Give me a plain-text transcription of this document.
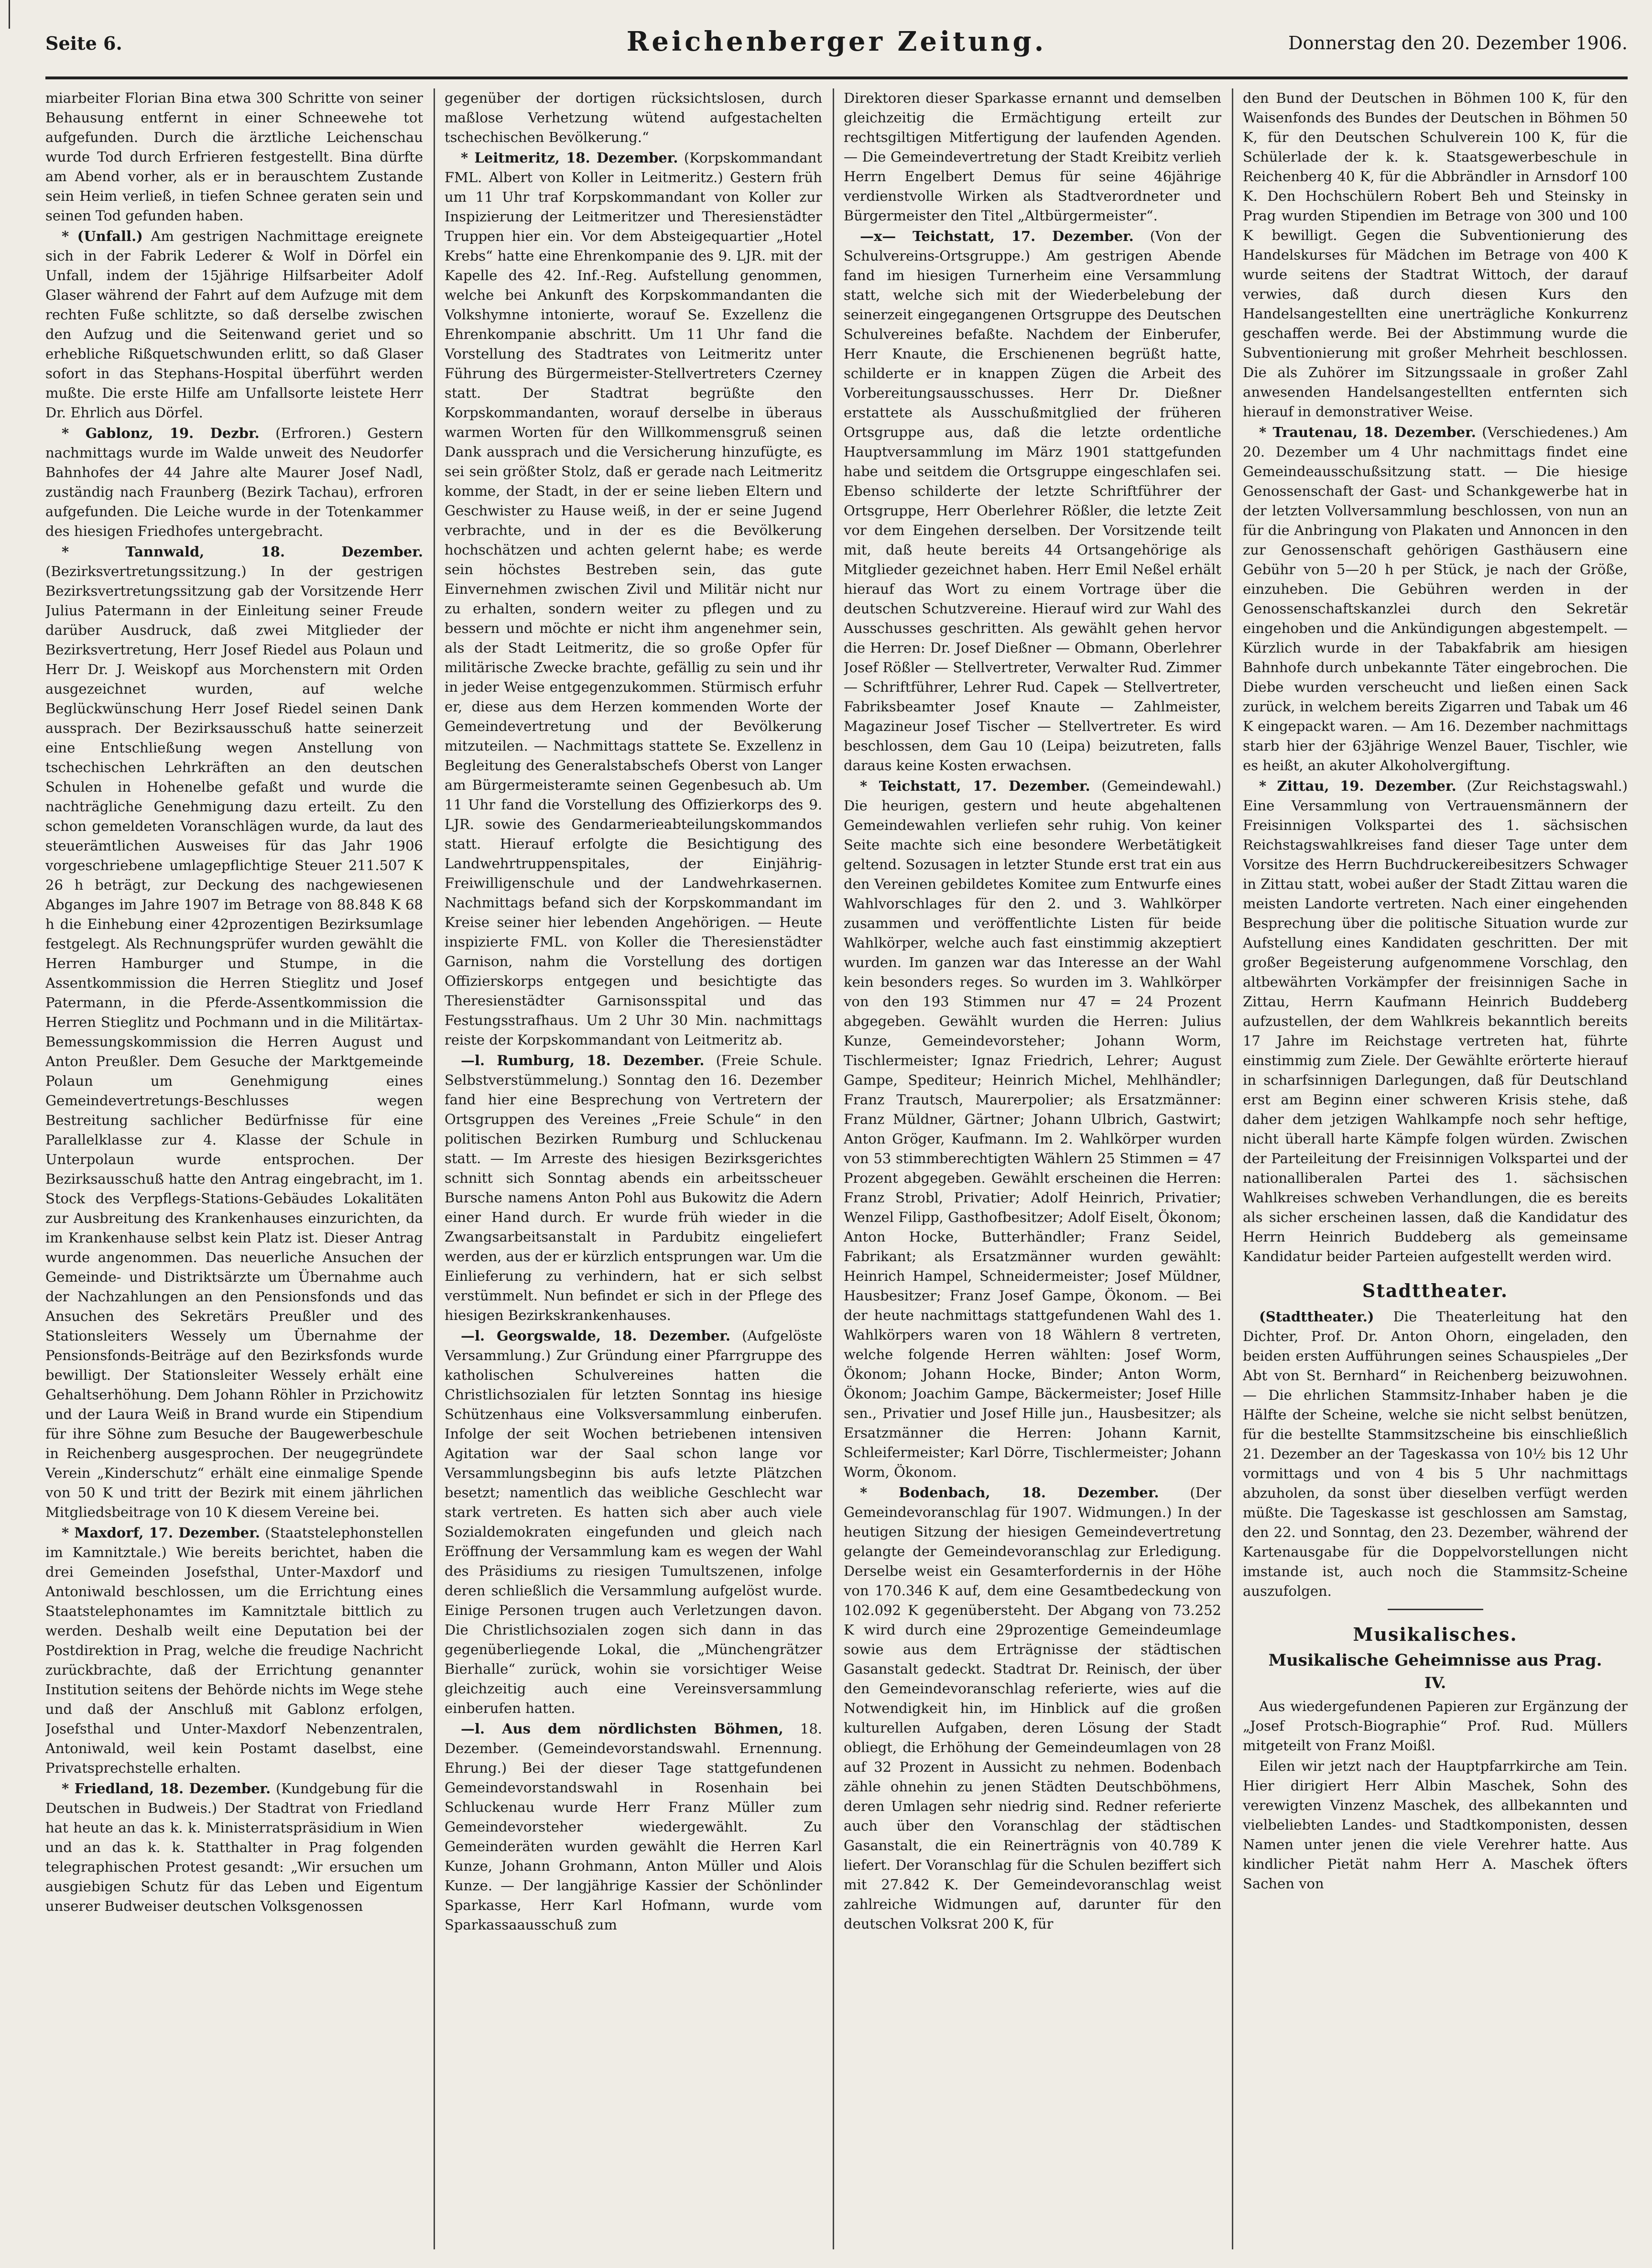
Seite 6.	Reichenberger Zeitung.	Donnerstag den 20. Dezember 1906.

miarbeiter Florian Bina etwa 300 Schritte von seiner Behausung entfernt in einer Schneewehe tot aufgefunden. Durch die ärztliche Leichenschau wurde Tod durch Erfrieren festgestellt. Bina dürfte am Abend vorher, als er in berauschtem Zustande sein Heim verließ, in tiefen Schnee geraten sein und seinen Tod gefunden haben.

* (Unfall.) Am gestrigen Nachmittage ereignete sich in der Fabrik Lederer & Wolf in Dörfel ein Unfall, indem der 15jährige Hilfsarbeiter Adolf Glaser während der Fahrt auf dem Aufzuge mit dem rechten Fuße schlitzte, so daß derselbe zwischen den Aufzug und die Seitenwand geriet und so erhebliche Rißquetschwunden erlitt, so daß Glaser sofort in das Stephans-Hospital überführt werden mußte. Die erste Hilfe am Unfallsorte leistete Herr Dr. Ehrlich aus Dörfel.

* Gablonz, 19. Dezbr. (Erfroren.) Gestern nachmittags wurde im Walde unweit des Neudorfer Bahnhofes der 44 Jahre alte Maurer Josef Nadl, zuständig nach Fraunberg (Bezirk Tachau), erfroren aufgefunden. Die Leiche wurde in der Totenkammer des hiesigen Friedhofes untergebracht.

* Tannwald, 18. Dezember. (Bezirksvertretungssitzung.) In der gestrigen Bezirksvertretungssitzung gab der Vorsitzende Herr Julius Patermann in der Einleitung seiner Freude darüber Ausdruck, daß zwei Mitglieder der Bezirksvertretung, Herr Josef Riedel aus Polaun und Herr Dr. J. Weiskopf aus Morchenstern mit Orden ausgezeichnet wurden, auf welche Beglückwünschung Herr Josef Riedel seinen Dank aussprach. Der Bezirksausschuß hatte seinerzeit eine Entschließung wegen Anstellung von tschechischen Lehrkräften an den deutschen Schulen in Hohenelbe gefaßt und wurde die nachträgliche Genehmigung dazu erteilt. Zu den schon gemeldeten Voranschlägen wurde, da laut des steuerämtlichen Ausweises für das Jahr 1906 vorgeschriebene umlagepflichtige Steuer 211.507 K 26 h beträgt, zur Deckung des nachgewiesenen Abganges im Jahre 1907 im Betrage von 88.848 K 68 h die Einhebung einer 42prozentigen Bezirksumlage festgelegt. Als Rechnungsprüfer wurden gewählt die Herren Hamburger und Stumpe, in die Assentkommission die Herren Stieglitz und Josef Patermann, in die Pferde-Assentkommission die Herren Stieglitz und Pochmann und in die Militärtax-Bemessungskommission die Herren August und Anton Preußler. Dem Gesuche der Marktgemeinde Polaun um Genehmigung eines Gemeindevertretungs-Beschlusses wegen Bestreitung sachlicher Bedürfnisse für eine Parallelklasse zur 4. Klasse der Schule in Unterpolaun wurde entsprochen. Der Bezirksausschuß hatte den Antrag eingebracht, im 1. Stock des Verpflegs-Stations-Gebäudes Lokalitäten zur Ausbreitung des Krankenhauses einzurichten, da im Krankenhause selbst kein Platz ist. Dieser Antrag wurde angenommen. Das neuerliche Ansuchen der Gemeinde- und Distriktsärzte um Übernahme auch der Nachzahlungen an den Pensionsfonds und das Ansuchen des Sekretärs Preußler und des Stationsleiters Wessely um Übernahme der Pensionsfonds-Beiträge auf den Bezirksfonds wurde bewilligt. Der Stationsleiter Wessely erhält eine Gehaltserhöhung. Dem Johann Röhler in Przichowitz und der Laura Weiß in Brand wurde ein Stipendium für ihre Söhne zum Besuche der Baugewerbeschule in Reichenberg ausgesprochen. Der neugegründete Verein „Kinderschutz“ erhält eine einmalige Spende von 50 K und tritt der Bezirk mit einem jährlichen Mitgliedsbeitrage von 10 K diesem Vereine bei.

* Maxdorf, 17. Dezember. (Staatstelephonstellen im Kamnitztale.) Wie bereits berichtet, haben die drei Gemeinden Josefsthal, Unter-Maxdorf und Antoniwald beschlossen, um die Errichtung eines Staatstelephonamtes im Kamnitztale bittlich zu werden. Deshalb weilt eine Deputation bei der Postdirektion in Prag, welche die freudige Nachricht zurückbrachte, daß der Errichtung genannter Institution seitens der Behörde nichts im Wege stehe und daß der Anschluß mit Gablonz erfolgen, Josefsthal und Unter-Maxdorf Nebenzentralen, Antoniwald, weil kein Postamt daselbst, eine Privatsprechstelle erhalten.

* Friedland, 18. Dezember. (Kundgebung für die Deutschen in Budweis.) Der Stadtrat von Friedland hat heute an das k. k. Ministerratspräsidium in Wien und an das k. k. Statthalter in Prag folgenden telegraphischen Protest gesandt: „Wir ersuchen um ausgiebigen Schutz für das Leben und Eigentum unserer Budweiser deutschen Volksgenossen

gegenüber der dortigen rücksichtslosen, durch maßlose Verhetzung wütend aufgestachelten tschechischen Bevölkerung.“

* Leitmeritz, 18. Dezember. (Korpskommandant FML. Albert von Koller in Leitmeritz.) Gestern früh um 11 Uhr traf Korpskommandant von Koller zur Inspizierung der Leitmeritzer und Theresienstädter Truppen hier ein. Vor dem Absteigequartier „Hotel Krebs“ hatte eine Ehrenkompanie des 9. LJR. mit der Kapelle des 42. Inf.-Reg. Aufstellung genommen, welche bei Ankunft des Korpskommandanten die Volkshymne intonierte, worauf Se. Exzellenz die Ehrenkompanie abschritt. Um 11 Uhr fand die Vorstellung des Stadtrates von Leitmeritz unter Führung des Bürgermeister-Stellvertreters Czerney statt. Der Stadtrat begrüßte den Korpskommandanten, worauf derselbe in überaus warmen Worten für den Willkommensgruß seinen Dank aussprach und die Versicherung hinzufügte, es sei sein größter Stolz, daß er gerade nach Leitmeritz komme, der Stadt, in der er seine lieben Eltern und Geschwister zu Hause weiß, in der er seine Jugend verbrachte, und in der es die Bevölkerung hochschätzen und achten gelernt habe; es werde sein höchstes Bestreben sein, das gute Einvernehmen zwischen Zivil und Militär nicht nur zu erhalten, sondern weiter zu pflegen und zu bessern und möchte er nicht ihm angenehmer sein, als der Stadt Leitmeritz, die so große Opfer für militärische Zwecke brachte, gefällig zu sein und ihr in jeder Weise entgegenzukommen. Stürmisch erfuhr er, diese aus dem Herzen kommenden Worte der Gemeindevertretung und der Bevölkerung mitzuteilen. — Nachmittags stattete Se. Exzellenz in Begleitung des Generalstabschefs Oberst von Langer am Bürgermeisteramte seinen Gegenbesuch ab. Um 11 Uhr fand die Vorstellung des Offizierkorps des 9. LJR. sowie des Gendarmerieabteilungskommandos statt. Hierauf erfolgte die Besichtigung des Landwehrtruppenspitales, der Einjährig-Freiwilligenschule und der Landwehrkasernen. Nachmittags befand sich der Korpskommandant im Kreise seiner hier lebenden Angehörigen. — Heute inspizierte FML. von Koller die Theresienstädter Garnison, nahm die Vorstellung des dortigen Offizierskorps entgegen und besichtigte das Theresienstädter Garnisonsspital und das Festungsstrafhaus. Um 2 Uhr 30 Min. nachmittags reiste der Korpskommandant von Leitmeritz ab.

—l. Rumburg, 18. Dezember. (Freie Schule. Selbstverstümmelung.) Sonntag den 16. Dezember fand hier eine Besprechung von Vertretern der Ortsgruppen des Vereines „Freie Schule“ in den politischen Bezirken Rumburg und Schluckenau statt. — Im Arreste des hiesigen Bezirksgerichtes schnitt sich Sonntag abends ein arbeitsscheuer Bursche namens Anton Pohl aus Bukowitz die Adern einer Hand durch. Er wurde früh wieder in die Zwangsarbeitsanstalt in Pardubitz eingeliefert werden, aus der er kürzlich entsprungen war. Um die Einlieferung zu verhindern, hat er sich selbst verstümmelt. Nun befindet er sich in der Pflege des hiesigen Bezirkskrankenhauses.

—l. Georgswalde, 18. Dezember. (Aufgelöste Versammlung.) Zur Gründung einer Pfarrgruppe des katholischen Schulvereines hatten die Christlichsozialen für letzten Sonntag ins hiesige Schützenhaus eine Volksversammlung einberufen. Infolge der seit Wochen betriebenen intensiven Agitation war der Saal schon lange vor Versammlungsbeginn bis aufs letzte Plätzchen besetzt; namentlich das weibliche Geschlecht war stark vertreten. Es hatten sich aber auch viele Sozialdemokraten eingefunden und gleich nach Eröffnung der Versammlung kam es wegen der Wahl des Präsidiums zu riesigen Tumultszenen, infolge deren schließlich die Versammlung aufgelöst wurde. Einige Personen trugen auch Verletzungen davon. Die Christlichsozialen zogen sich dann in das gegenüberliegende Lokal, die „Münchengrätzer Bierhalle“ zurück, wohin sie vorsichtiger Weise gleichzeitig auch eine Vereinsversammlung einberufen hatten.

—l. Aus dem nördlichsten Böhmen, 18. Dezember. (Gemeindevorstandswahl. Ernennung. Ehrung.) Bei der dieser Tage stattgefundenen Gemeindevorstandswahl in Rosenhain bei Schluckenau wurde Herr Franz Müller zum Gemeindevorsteher wiedergewählt. Zu Gemeinderäten wurden gewählt die Herren Karl Kunze, Johann Grohmann, Anton Müller und Alois Kunze. — Der langjährige Kassier der Schönlinder Sparkasse, Herr Karl Hofmann, wurde vom Sparkassaausschuß zum

Direktoren dieser Sparkasse ernannt und demselben gleichzeitig die Ermächtigung erteilt zur rechtsgiltigen Mitfertigung der laufenden Agenden. — Die Gemeindevertretung der Stadt Kreibitz verlieh Herrn Engelbert Demus für seine 46jährige verdienstvolle Wirken als Stadtverordneter und Bürgermeister den Titel „Altbürgermeister“.

—x— Teichstatt, 17. Dezember. (Von der Schulvereins-Ortsgruppe.) Am gestrigen Abende fand im hiesigen Turnerheim eine Versammlung statt, welche sich mit der Wiederbelebung der seinerzeit eingegangenen Ortsgruppe des Deutschen Schulvereines befaßte. Nachdem der Einberufer, Herr Knaute, die Erschienenen begrüßt hatte, schilderte er in knappen Zügen die Arbeit des Vorbereitungsausschusses. Herr Dr. Dießner erstattete als Ausschußmitglied der früheren Ortsgruppe aus, daß die letzte ordentliche Hauptversammlung im März 1901 stattgefunden habe und seitdem die Ortsgruppe eingeschlafen sei. Ebenso schilderte der letzte Schriftführer der Ortsgruppe, Herr Oberlehrer Rößler, die letzte Zeit vor dem Eingehen derselben. Der Vorsitzende teilt mit, daß heute bereits 44 Ortsangehörige als Mitglieder gezeichnet haben. Herr Emil Neßel erhält hierauf das Wort zu einem Vortrage über die deutschen Schutzvereine. Hierauf wird zur Wahl des Ausschusses geschritten. Als gewählt gehen hervor die Herren: Dr. Josef Dießner — Obmann, Oberlehrer Josef Rößler — Stellvertreter, Verwalter Rud. Zimmer — Schriftführer, Lehrer Rud. Capek — Stellvertreter, Fabriksbeamter Josef Knaute — Zahlmeister, Magazineur Josef Tischer — Stellvertreter. Es wird beschlossen, dem Gau 10 (Leipa) beizutreten, falls daraus keine Kosten erwachsen.

* Teichstatt, 17. Dezember. (Gemeindewahl.) Die heurigen, gestern und heute abgehaltenen Gemeindewahlen verliefen sehr ruhig. Von keiner Seite machte sich eine besondere Werbetätigkeit geltend. Sozusagen in letzter Stunde erst trat ein aus den Vereinen gebildetes Komitee zum Entwurfe eines Wahlvorschlages für den 2. und 3. Wahlkörper zusammen und veröffentlichte Listen für beide Wahlkörper, welche auch fast einstimmig akzeptiert wurden. Im ganzen war das Interesse an der Wahl kein besonders reges. So wurden im 3. Wahlkörper von den 193 Stimmen nur 47 = 24 Prozent abgegeben. Gewählt wurden die Herren: Julius Kunze, Gemeindevorsteher; Johann Worm, Tischlermeister; Ignaz Friedrich, Lehrer; August Gampe, Spediteur; Heinrich Michel, Mehlhändler; Franz Trautsch, Maurerpolier; als Ersatzmänner: Franz Müldner, Gärtner; Johann Ulbrich, Gastwirt; Anton Gröger, Kaufmann. Im 2. Wahlkörper wurden von 53 stimmberechtigten Wählern 25 Stimmen = 47 Prozent abgegeben. Gewählt erscheinen die Herren: Franz Strobl, Privatier; Adolf Heinrich, Privatier; Wenzel Filipp, Gasthofbesitzer; Adolf Eiselt, Ökonom; Anton Hocke, Butterhändler; Franz Seidel, Fabrikant; als Ersatzmänner wurden gewählt: Heinrich Hampel, Schneidermeister; Josef Müldner, Hausbesitzer; Franz Josef Gampe, Ökonom. — Bei der heute nachmittags stattgefundenen Wahl des 1. Wahlkörpers waren von 18 Wählern 8 vertreten, welche folgende Herren wählten: Josef Worm, Ökonom; Johann Hocke, Binder; Anton Worm, Ökonom; Joachim Gampe, Bäckermeister; Josef Hille sen., Privatier und Josef Hille jun., Hausbesitzer; als Ersatzmänner die Herren: Johann Karnit, Schleifermeister; Karl Dörre, Tischlermeister; Johann Worm, Ökonom.

* Bodenbach, 18. Dezember. (Der Gemeindevoranschlag für 1907. Widmungen.) In der heutigen Sitzung der hiesigen Gemeindevertretung gelangte der Gemeindevoranschlag zur Erledigung. Derselbe weist ein Gesamterfordernis in der Höhe von 170.346 K auf, dem eine Gesamtbedeckung von 102.092 K gegenübersteht. Der Abgang von 73.252 K wird durch eine 29prozentige Gemeindeumlage sowie aus dem Erträgnisse der städtischen Gasanstalt gedeckt. Stadtrat Dr. Reinisch, der über den Gemeindevoranschlag referierte, wies auf die Notwendigkeit hin, im Hinblick auf die großen kulturellen Aufgaben, deren Lösung der Stadt obliegt, die Erhöhung der Gemeindeumlagen von 28 auf 32 Prozent in Aussicht zu nehmen. Bodenbach zähle ohnehin zu jenen Städten Deutschböhmens, deren Umlagen sehr niedrig sind. Redner referierte auch über den Voranschlag der städtischen Gasanstalt, die ein Reinerträgnis von 40.789 K liefert. Der Voranschlag für die Schulen beziffert sich mit 27.842 K. Der Gemeindevoranschlag weist zahlreiche Widmungen auf, darunter für den deutschen Volksrat 200 K, für

den Bund der Deutschen in Böhmen 100 K, für den Waisenfonds des Bundes der Deutschen in Böhmen 50 K, für den Deutschen Schulverein 100 K, für die Schülerlade der k. k. Staatsgewerbeschule in Reichenberg 40 K, für die Abbrändler in Arnsdorf 100 K. Den Hochschülern Robert Beh und Steinsky in Prag wurden Stipendien im Betrage von 300 und 100 K bewilligt. Gegen die Subventionierung des Handelskurses für Mädchen im Betrage von 400 K wurde seitens der Stadtrat Wittoch, der darauf verwies, daß durch diesen Kurs den Handelsangestellten eine unerträgliche Konkurrenz geschaffen werde. Bei der Abstimmung wurde die Subventionierung mit großer Mehrheit beschlossen. Die als Zuhörer im Sitzungssaale in großer Zahl anwesenden Handelsangestellten entfernten sich hierauf in demonstrativer Weise.

* Trautenau, 18. Dezember. (Verschiedenes.) Am 20. Dezember um 4 Uhr nachmittags findet eine Gemeindeausschußsitzung statt. — Die hiesige Genossenschaft der Gast- und Schankgewerbe hat in der letzten Vollversammlung beschlossen, von nun an für die Anbringung von Plakaten und Annoncen in den zur Genossenschaft gehörigen Gasthäusern eine Gebühr von 5—20 h per Stück, je nach der Größe, einzuheben. Die Gebühren werden in der Genossenschaftskanzlei durch den Sekretär eingehoben und die Ankündigungen abgestempelt. — Kürzlich wurde in der Tabakfabrik am hiesigen Bahnhofe durch unbekannte Täter eingebrochen. Die Diebe wurden verscheucht und ließen einen Sack zurück, in welchem bereits Zigarren und Tabak um 46 K eingepackt waren. — Am 16. Dezember nachmittags starb hier der 63jährige Wenzel Bauer, Tischler, wie es heißt, an akuter Alkoholvergiftung.

* Zittau, 19. Dezember. (Zur Reichstagswahl.) Eine Versammlung von Vertrauensmännern der Freisinnigen Volkspartei des 1. sächsischen Reichstagswahlkreises fand dieser Tage unter dem Vorsitze des Herrn Buchdruckereibesitzers Schwager in Zittau statt, wobei außer der Stadt Zittau waren die meisten Landorte vertreten. Nach einer eingehenden Besprechung über die politische Situation wurde zur Aufstellung eines Kandidaten geschritten. Der mit großer Begeisterung aufgenommene Vorschlag, den altbewährten Vorkämpfer der freisinnigen Sache in Zittau, Herrn Kaufmann Heinrich Buddeberg aufzustellen, der dem Wahlkreis bekanntlich bereits 17 Jahre im Reichstage vertreten hat, führte einstimmig zum Ziele. Der Gewählte erörterte hierauf in scharfsinnigen Darlegungen, daß für Deutschland erst am Beginn einer schweren Krisis stehe, daß daher dem jetzigen Wahlkampfe noch sehr heftige, nicht überall harte Kämpfe folgen würden. Zwischen der Parteileitung der Freisinnigen Volkspartei und der nationalliberalen Partei des 1. sächsischen Wahlkreises schweben Verhandlungen, die es bereits als sicher erscheinen lassen, daß die Kandidatur des Herrn Heinrich Buddeberg als gemeinsame Kandidatur beider Parteien aufgestellt werden wird.

Stadttheater.

(Stadttheater.) Die Theaterleitung hat den Dichter, Prof. Dr. Anton Ohorn, eingeladen, den beiden ersten Aufführungen seines Schauspieles „Der Abt von St. Bernhard“ in Reichenberg beizuwohnen. — Die ehrlichen Stammsitz-Inhaber haben je die Hälfte der Scheine, welche sie nicht selbst benützen, für die bestellte Stammsitzscheine bis einschließlich 21. Dezember an der Tageskassa von 10½ bis 12 Uhr vormittags und von 4 bis 5 Uhr nachmittags abzuholen, da sonst über dieselben verfügt werden müßte. Die Tageskasse ist geschlossen am Samstag, den 22. und Sonntag, den 23. Dezember, während der Kartenausgabe für die Doppelvorstellungen nicht imstande ist, auch noch die Stammsitz-Scheine auszufolgen.

Musikalisches.
Musikalische Geheimnisse aus Prag.
IV.

Aus wiedergefundenen Papieren zur Ergänzung der „Josef Protsch-Biographie“ Prof. Rud. Müllers mitgeteilt von Franz Moißl.

Eilen wir jetzt nach der Hauptpfarrkirche am Tein. Hier dirigiert Herr Albin Maschek, Sohn des verewigten Vinzenz Maschek, des allbekannten und vielbeliebten Landes- und Stadtkomponisten, dessen Namen unter jenen die viele Verehrer hatte. Aus kindlicher Pietät nahm Herr A. Maschek öfters Sachen von
